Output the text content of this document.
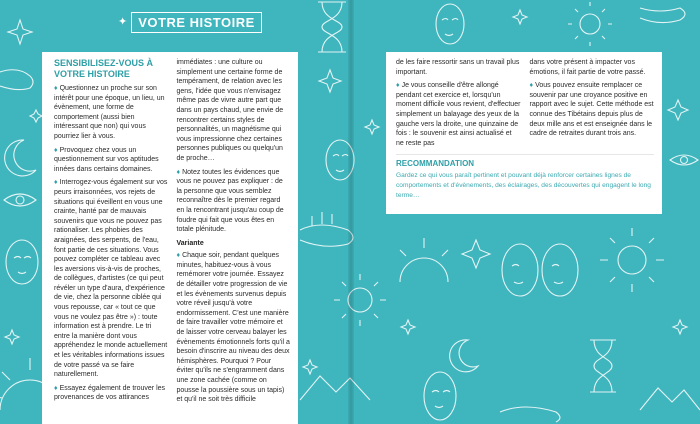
✦ VOTRE HISTOIRE
SENSIBILISEZ-VOUS À VOTRE HISTOIRE

♦ Questionnez un proche sur son intérêt pour une époque, un lieu, un évènement, une forme de comportement (aussi bien intéressant que non) qui vous pourriez lier à vous.

♦ Provoquez chez vous un questionnement sur vos aptitudes innées dans certains domaines.

♦ Interrogez-vous également sur vos peurs irraisonnées, vos rejets de situations qui éveillent en vous une crainte, hanté par de mauvais souvenirs que vous ne pouvez pas rationaliser. Les phobies des araignées, des serpents, de l'eau, font partie de ces situations. Vous pouvez compléter ce tableau avec les aversions vis-à-vis de proches, de collègues, d'artistes (ce qui peut révéler un type d'aura, d'expérience de vie, chez la personne ciblée qui vous repousse, car « tout ce que vous ne voulez pas être ») : toute information est à prendre. Le tri entre la manière dont vous appréhendez le monde actuellement et les véritables informations issues de votre passé va se faire naturellement.

♦ Essayez également de trouver les provenances de vos attirances

immédiates : une culture ou simplement une certaine forme de tempérament, de relation avec les gens, l'idée que vous n'envisagez même pas de vivre autre part que dans un pays chaud, une envie de rencontrer certains styles de personnalités, un magnétisme qui vous impressionne chez certaines personnes publiques ou quelqu'un de proche…

♦ Notez toutes les évidences que vous ne pouvez pas expliquer : de la personne que vous semblez reconnaître dès le premier regard en la rencontrant jusqu'au coup de foudre qui fait que vous êtes en totale plénitude.

Variante

♦ Chaque soir, pendant quelques minutes, habituez-vous à vous remémorer votre journée. Essayez de détailler votre progression de vie et les évènements survenus depuis votre réveil jusqu'à votre endormissement. C'est une manière de faire travailler votre mémoire et de laisser votre cerveau balayer les évènements émotionnels forts qu'il a besoin d'inscrire au niveau des deux hémisphères. Pourquoi ? Pour éviter qu'ils ne s'engramment dans une zone cachée (comme on pousse la poussière sous un tapis) et qu'il ne soit très difficile

de les faire ressortir sans un travail plus important.

♦ Je vous conseille d'être allongé pendant cet exercice et, lorsqu'un moment difficile vous revient, d'effectuer simplement un balayage des yeux de la gauche vers la droite, une quinzaine de fois : le souvenir est ainsi actualisé et ne reste pas

dans votre présent à impacter vos émotions, il fait partie de votre passé.

♦ Vous pouvez ensuite remplacer ce souvenir par une croyance positive en rapport avec le sujet. Cette méthode est connue des Tibétains depuis plus de deux mille ans et est enseignée dans le cadre de retraites durant trois ans.

RECOMMANDATION

Gardez ce qui vous paraît pertinent et pouvant déjà renforcer certaines lignes de comportements et d'évènements, des éclairages, des découvertes qui engagent le long terme…
